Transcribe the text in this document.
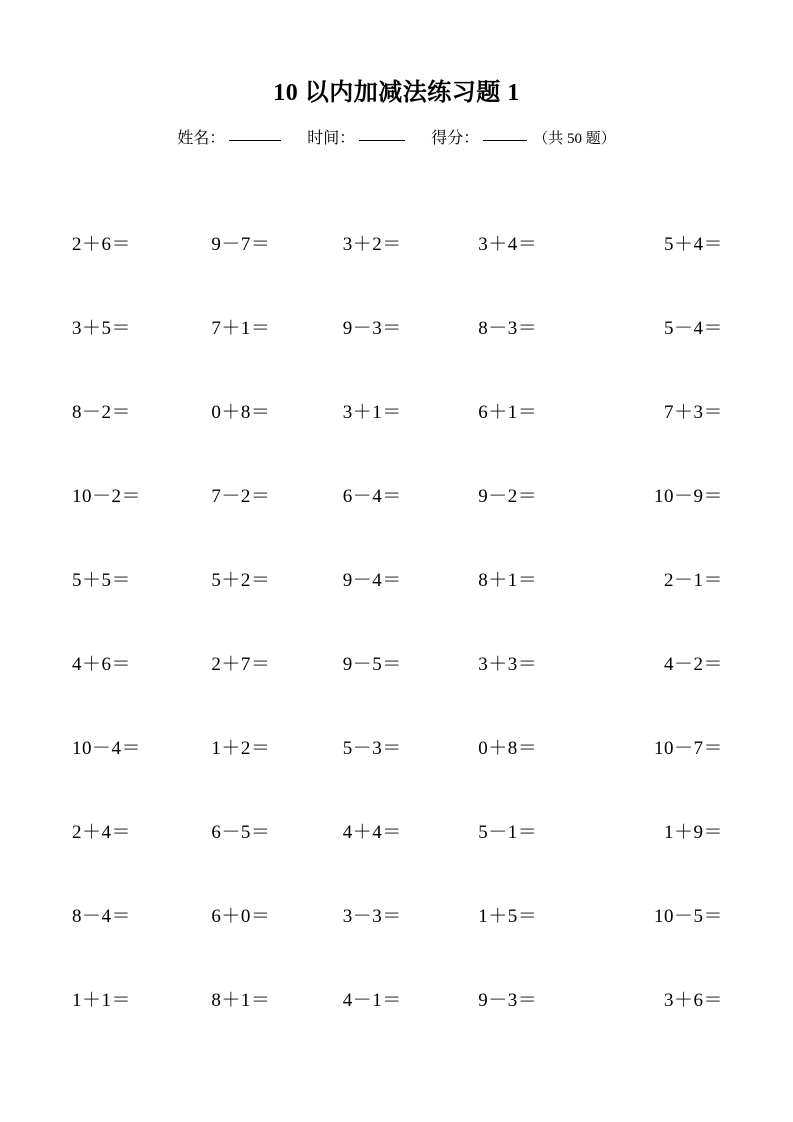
10 以内加减法练习题 1
姓名：	时间：	得分：	（共 50 题）
2＋6＝	9－7＝	3＋2＝	3＋4＝	5＋4＝
3＋5＝	7＋1＝	9－3＝	8－3＝	5－4＝
8－2＝	0＋8＝	3＋1＝	6＋1＝	7＋3＝
10－2＝	7－2＝	6－4＝	9－2＝	10－9＝
5＋5＝	5＋2＝	9－4＝	8＋1＝	2－1＝
4＋6＝	2＋7＝	9－5＝	3＋3＝	4－2＝
10－4＝	1＋2＝	5－3＝	0＋8＝	10－7＝
2＋4＝	6－5＝	4＋4＝	5－1＝	1＋9＝
8－4＝	6＋0＝	3－3＝	1＋5＝	10－5＝
1＋1＝	8＋1＝	4－1＝	9－3＝	3＋6＝
